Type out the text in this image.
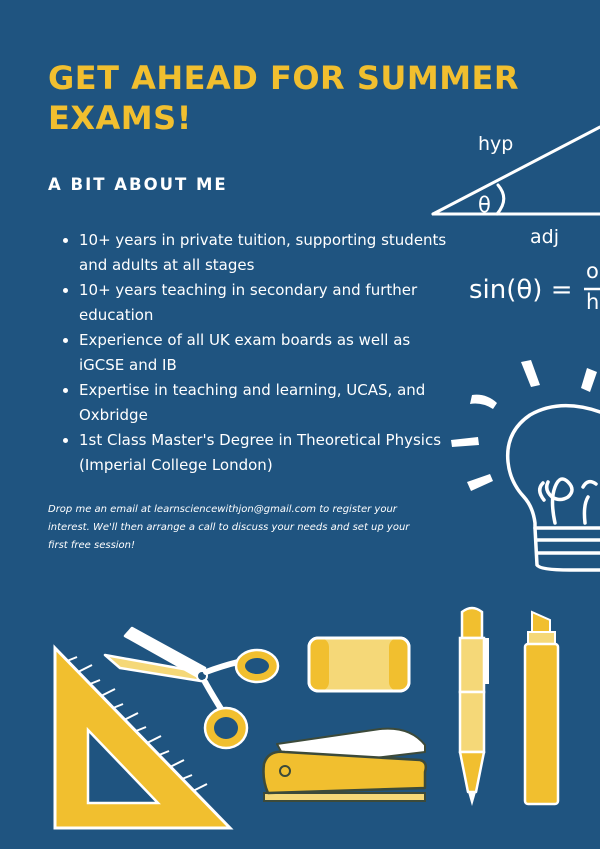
GET AHEAD FOR SUMMER EXAMS!
A BIT ABOUT ME
• 10+ years in private tuition, supporting students and adults at all stages
• 10+ years teaching in secondary and further education
• Experience of all UK exam boards as well as iGCSE and IB
• Expertise in teaching and learning, UCAS, and Oxbridge
• 1st Class Master's Degree in Theoretical Physics (Imperial College London)

Drop me an email at learnsciencewithjon@gmail.com to register your interest. We'll then arrange a call to discuss your needs and set up your first free session!

hyp
θ
adj
sin(θ) =
o
h
